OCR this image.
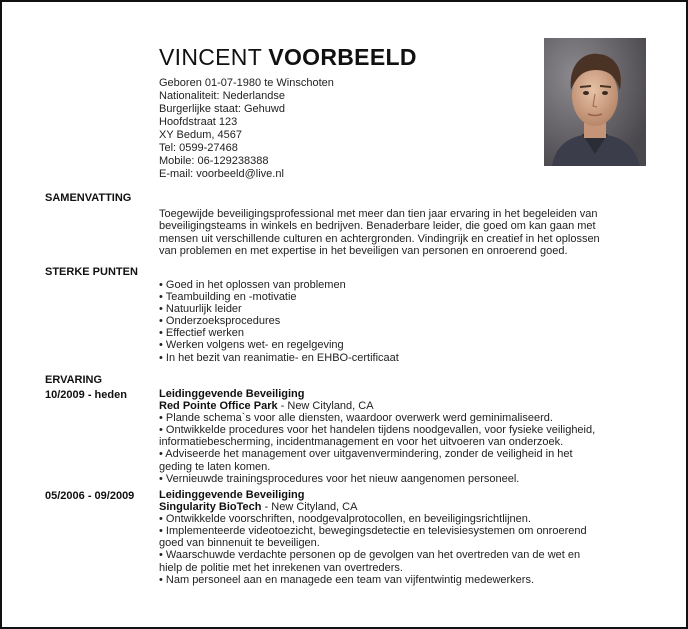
VINCENT VOORBEELD
Geboren 01-07-1980 te Winschoten
Nationaliteit: Nederlandse
Burgerlijke staat: Gehuwd
Hoofdstraat 123
XY Bedum, 4567
Tel: 0599-27468
Mobile: 06-129238388
E-mail: voorbeeld@live.nl
SAMENVATTING
Toegewijde beveiligingsprofessional met meer dan tien jaar ervaring in het begeleiden van
beveiligingsteams in winkels en bedrijven. Benaderbare leider, die goed om kan gaan met
mensen uit verschillende culturen en achtergronden. Vindingrijk en creatief in het oplossen
van problemen en met expertise in het beveiligen van personen en onroerend goed.
STERKE PUNTEN
• Goed in het oplossen van problemen
• Teambuilding en -motivatie
• Natuurlijk leider
• Onderzoeksprocedures
• Effectief werken
• Werken volgens wet- en regelgeving
• In het bezit van reanimatie- en EHBO-certificaat
ERVARING
10/2009 - heden	Leidinggevende Beveiliging
Red Pointe Office Park - New Cityland, CA
• Plande schema`s voor alle diensten, waardoor overwerk werd geminimaliseerd.
• Ontwikkelde procedures voor het handelen tijdens noodgevallen, voor fysieke veiligheid,
informatiebescherming, incidentmanagement en voor het uitvoeren van onderzoek.
• Adviseerde het management over uitgavenvermindering, zonder de veiligheid in het
geding te laten komen.
• Vernieuwde trainingsprocedures voor het nieuw aangenomen personeel.
05/2006 - 09/2009 Leidinggevende Beveiliging
Singularity BioTech - New Cityland, CA
• Ontwikkelde voorschriften, noodgevalprotocollen, en beveiligingsrichtlijnen.
• Implementeerde videotoezicht, bewegingsdetectie en televisiesystemen om onroerend
goed van binnenuit te beveiligen.
• Waarschuwde verdachte personen op de gevolgen van het overtreden van de wet en
hielp de politie met het inrekenen van overtreders.
• Nam personeel aan en managede een team van vijfentwintig medewerkers.
